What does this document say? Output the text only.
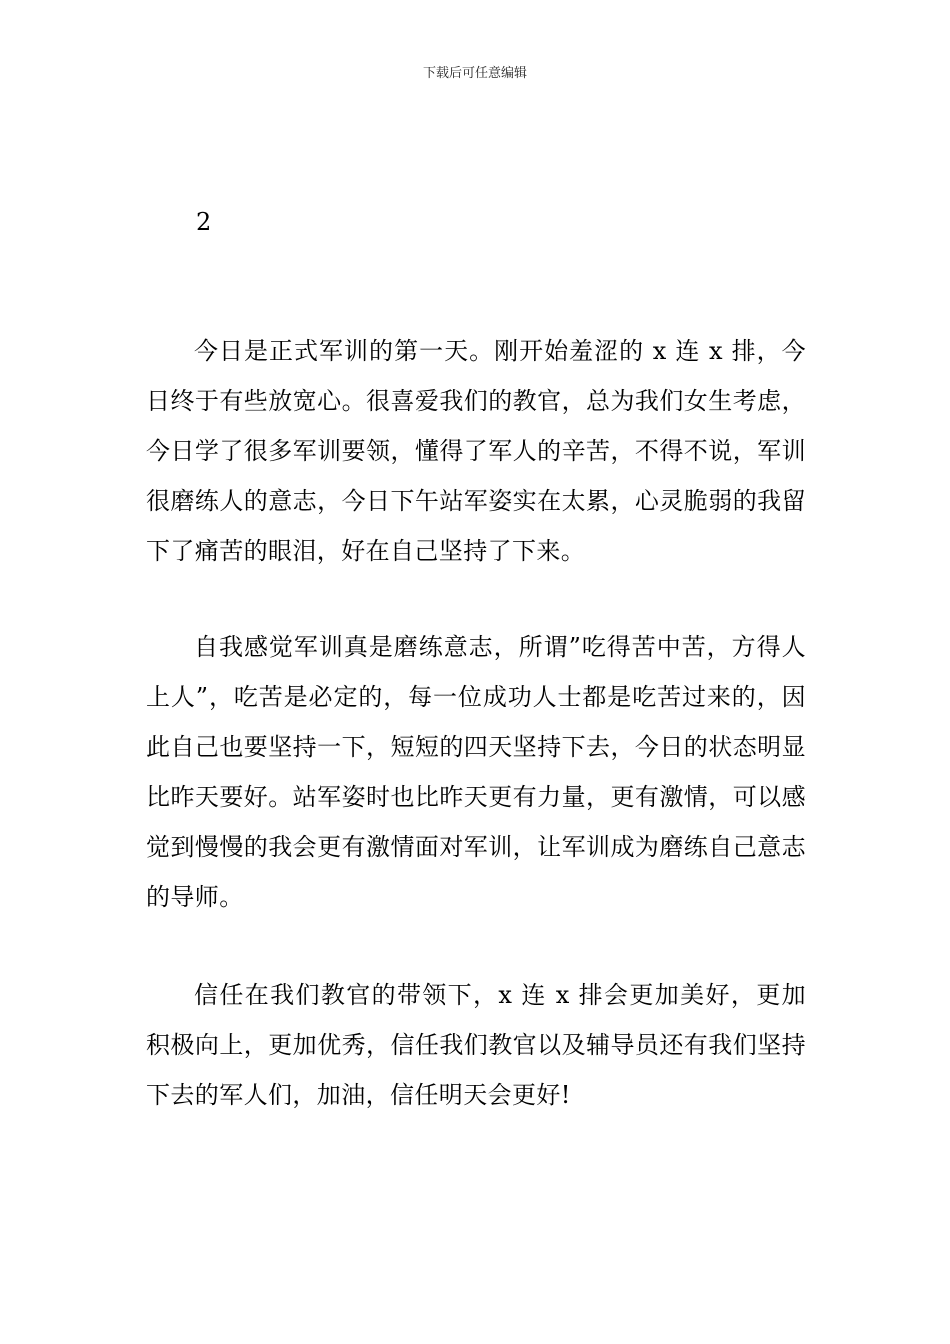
下载后可任意编辑
2

今日是正式军训的第一天。刚开始羞涩的 x 连 x 排，今日终于有些放宽心。很喜爱我们的教官，总为我们女生考虑，今日学了很多军训要领，懂得了军人的辛苦，不得不说，军训很磨练人的意志，今日下午站军姿实在太累，心灵脆弱的我留下了痛苦的眼泪，好在自己坚持了下来。

自我感觉军训真是磨练意志，所谓”吃得苦中苦，方得人上人”，吃苦是必定的，每一位成功人士都是吃苦过来的，因此自己也要坚持一下，短短的四天坚持下去，今日的状态明显比昨天要好。站军姿时也比昨天更有力量，更有激情，可以感觉到慢慢的我会更有激情面对军训，让军训成为磨练自己意志的导师。

信任在我们教官的带领下，x 连 x 排会更加美好，更加积极向上，更加优秀，信任我们教官以及辅导员还有我们坚持下去的军人们，加油，信任明天会更好!
